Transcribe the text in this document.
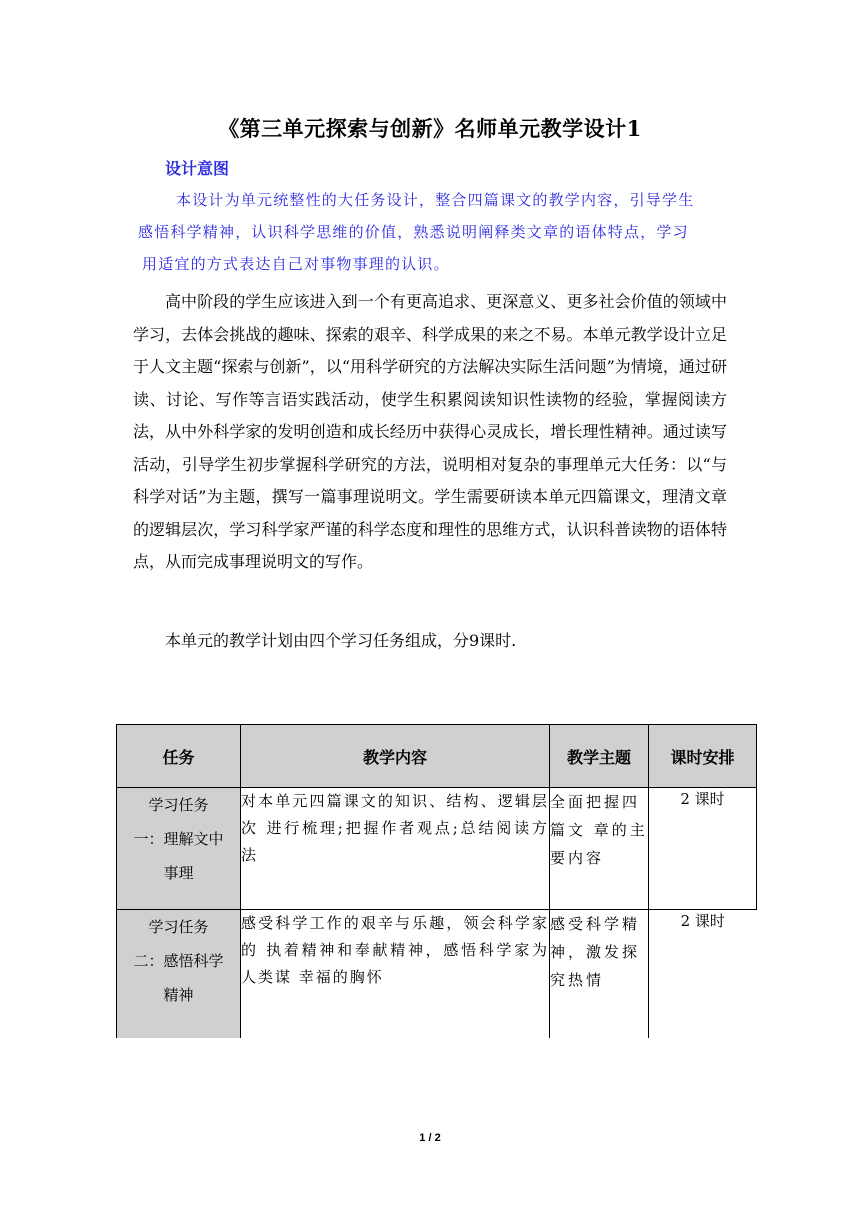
《第三单元探索与创新》名师单元教学设计1
设计意图

本设计为单元统整性的大任务设计，整合四篇课文的教学内容，引导学生

感悟科学精神，认识科学思维的价值，熟悉说明阐释类文章的语体特点，学习

用适宜的方式表达自己对事物事理的认识。

高中阶段的学生应该进入到一个有更高追求、更深意义、更多社会价值的领域中学习，去体会挑战的趣味、探索的艰辛、科学成果的来之不易。本单元教学设计立足于人文主题“探索与创新”，以“用科学研究的方法解决实际生活问题”为情境，通过研读、讨论、写作等言语实践活动，使学生积累阅读知识性读物的经验，掌握阅读方法，从中外科学家的发明创造和成长经历中获得心灵成长，增长理性精神。通过读写活动，引导学生初步掌握科学研究的方法，说明相对复杂的事理单元大任务：以“与科学对话”为主题，撰写一篇事理说明文。学生需要研读本单元四篇课文，理清文章的逻辑层次，学习科学家严谨的科学态度和理性的思维方式，认识科普读物的语体特点，从而完成事理说明文的写作。

本单元的教学计划由四个学习任务组成，分9课时.
任务	教学内容	教学主题	课时安排

学习任务
一：理解文中
事理	对本单元四篇课文的知识、结构、逻辑层次 进行梳理;把握作者观点;总结阅读方法	全面把握四篇文 章的主要内容	2 课时

学习任务
二：感悟科学
精神	感受科学工作的艰辛与乐趣，领会科学家的 执着精神和奉献精神，感悟科学家为人类谋 幸福的胸怀	感受科学精神，激发探究热情	2 课时
1 / 2
